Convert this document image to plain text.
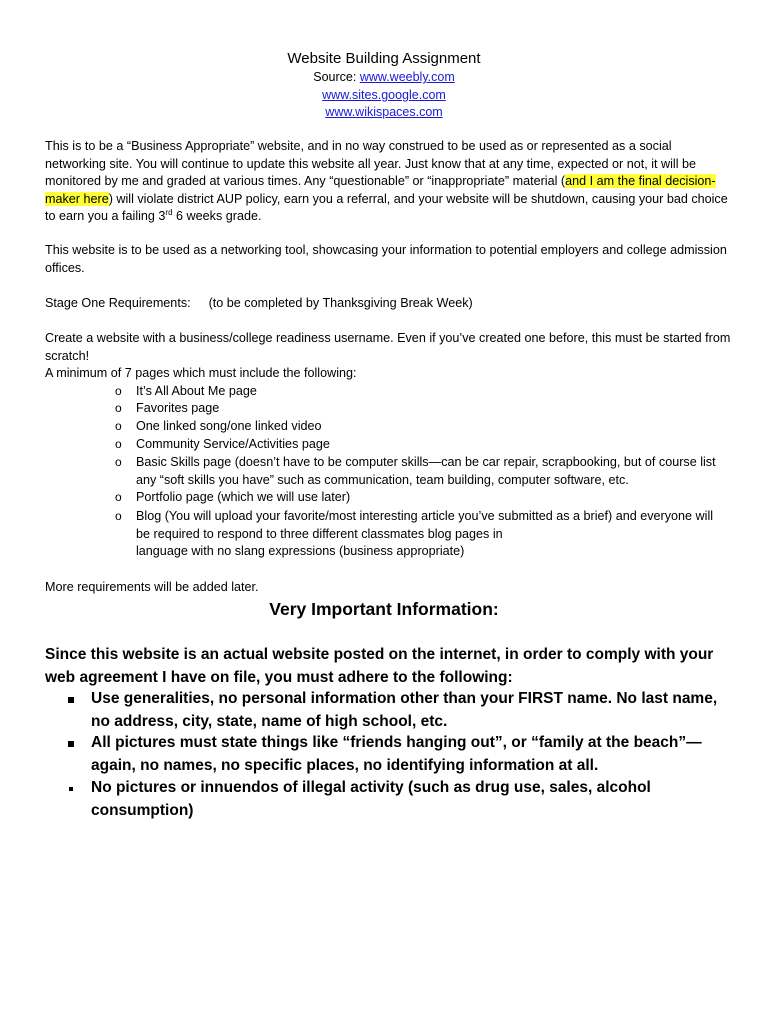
Website Building Assignment
Source: www.weebly.com
www.sites.google.com
www.wikispaces.com

This is to be a “Business Appropriate” website, and in no way construed to be used as or represented as a social networking site. You will continue to update this website all year. Just know that at any time, expected or not, it will be monitored by me and graded at various times. Any “questionable” or “inappropriate” material (and I am the final decision-maker here) will violate district AUP policy, earn you a referral, and your website will be shutdown, causing your bad choice to earn you a failing 3rd 6 weeks grade.

This website is to be used as a networking tool, showcasing your information to potential employers and college admission offices.

Stage One Requirements: (to be completed by Thanksgiving Break Week)

Create a website with a business/college readiness username. Even if you’ve created one before, this must be started from scratch!

A minimum of 7 pages which must include the following:

o It’s All About Me page

o Favorites page

o One linked song/one linked video

o Community Service/Activities page

o Basic Skills page (doesn’t have to be computer skills—can be car repair, scrapbooking, but of course list any “soft skills you have” such as communication, team building, computer software, etc.

o Portfolio page (which we will use later)

o Blog (You will upload your favorite/most interesting article you’ve submitted as a brief) and everyone will be required to respond to three different classmates blog pages in

language with no slang expressions (business appropriate)

More requirements will be added later.

Very Important Information:

Since this website is an actual website posted on the internet, in order to comply with your web agreement I have on file, you must adhere to the following:

Use generalities, no personal information other than your FIRST name. No last name, no address, city, state, name of high school, etc.

All pictures must state things like “friends hanging out”, or “family at the beach”—again, no names, no specific places, no identifying information at all.

No pictures or innuendos of illegal activity (such as drug use, sales, alcohol consumption)
